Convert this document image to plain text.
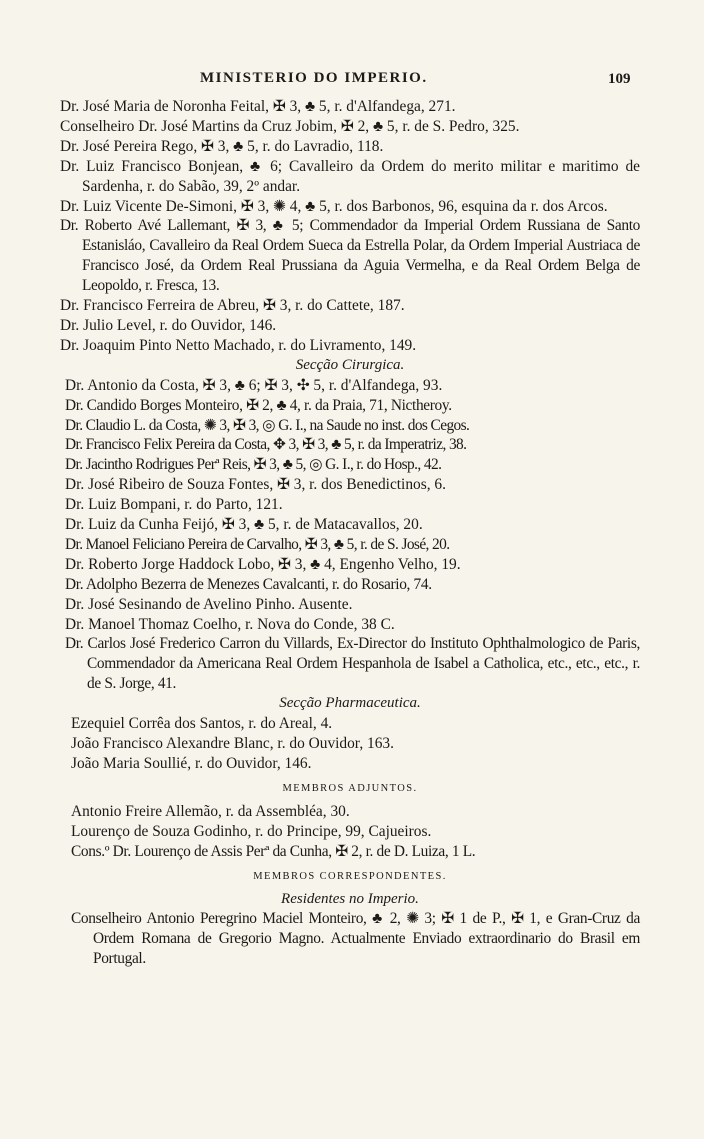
MINISTERIO DO IMPERIO.	109
Dr. José Maria de Noronha Feital, ✠ 3, ♣ 5, r. d'Alfandega, 271.
Conselheiro Dr. José Martins da Cruz Jobim, ✠ 2, ♣ 5, r. de S. Pedro, 325.
Dr. José Pereira Rego, ✠ 3, ♣ 5, r. do Lavradio, 118.
Dr. Luiz Francisco Bonjean, ♣ 6; Cavalleiro da Ordem do merito militar e maritimo de Sardenha, r. do Sabão, 39, 2º andar.
Dr. Luiz Vicente De-Simoni, ✠ 3, ✺ 4, ♣ 5, r. dos Barbonos, 96, esquina da r. dos Arcos.
Dr. Roberto Avé Lallemant, ✠ 3, ♣ 5; Commendador da Imperial Ordem Russiana de Santo Estanisláo, Cavalleiro da Real Ordem Sueca da Estrella Polar, da Ordem Imperial Austriaca de Francisco José, da Ordem Real Prussiana da Aguia Vermelha, e da Real Ordem Belga de Leopoldo, r. Fresca, 13.
Dr. Francisco Ferreira de Abreu, ✠ 3, r. do Cattete, 187.
Dr. Julio Level, r. do Ouvidor, 146.
Dr. Joaquim Pinto Netto Machado, r. do Livramento, 149.
Secção Cirurgica.
Dr. Antonio da Costa, ✠ 3, ♣ 6; ✠ 3, ✣ 5, r. d'Alfandega, 93.
Dr. Candido Borges Monteiro, ✠ 2, ♣ 4, r. da Praia, 71, Nictheroy.
Dr. Claudio L. da Costa, ✺ 3, ✠ 3, ◎ G. I., na Saude no inst. dos Cegos.
Dr. Francisco Felix Pereira da Costa, ✥ 3, ✠ 3, ♣ 5, r. da Imperatriz, 38.
Dr. Jacintho Rodrigues Perª Reis, ✠ 3, ♣ 5, ◎ G. I., r. do Hosp., 42.
Dr. José Ribeiro de Souza Fontes, ✠ 3, r. dos Benedictinos, 6.
Dr. Luiz Bompani, r. do Parto, 121.
Dr. Luiz da Cunha Feijó, ✠ 3, ♣ 5, r. de Matacavallos, 20.
Dr. Manoel Feliciano Pereira de Carvalho, ✠ 3, ♣ 5, r. de S. José, 20.
Dr. Roberto Jorge Haddock Lobo, ✠ 3, ♣ 4, Engenho Velho, 19.
Dr. Adolpho Bezerra de Menezes Cavalcanti, r. do Rosario, 74.
Dr. José Sesinando de Avelino Pinho. Ausente.
Dr. Manoel Thomaz Coelho, r. Nova do Conde, 38 C.
Dr. Carlos José Frederico Carron du Villards, Ex-Director do Instituto Ophthalmologico de Paris, Commendador da Americana Real Ordem Hespanhola de Isabel a Catholica, etc., etc., etc., r. de S. Jorge, 41.
Secção Pharmaceutica.
Ezequiel Corrêa dos Santos, r. do Areal, 4.
João Francisco Alexandre Blanc, r. do Ouvidor, 163.
João Maria Soullié, r. do Ouvidor, 146.
MEMBROS ADJUNTOS.
Antonio Freire Allemão, r. da Assembléa, 30.
Lourenço de Souza Godinho, r. do Principe, 99, Cajueiros.
Cons.º Dr. Lourenço de Assis Perª da Cunha, ✠ 2, r. de D. Luiza, 1 L.
MEMBROS CORRESPONDENTES.
Residentes no Imperio.
Conselheiro Antonio Peregrino Maciel Monteiro, ♣ 2, ✺ 3; ✠ 1 de P., ✠ 1, e Gran-Cruz da Ordem Romana de Gregorio Magno. Actualmente Enviado extraordinario do Brasil em Portugal.
